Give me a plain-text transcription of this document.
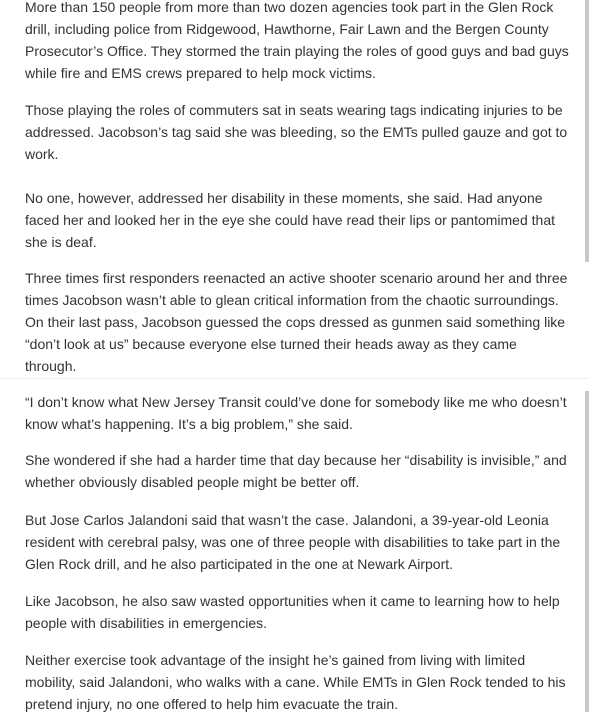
More than 150 people from more than two dozen agencies took part in the Glen Rock drill, including police from Ridgewood, Hawthorne, Fair Lawn and the Bergen County Prosecutor’s Office. They stormed the train playing the roles of good guys and bad guys while fire and EMS crews prepared to help mock victims.

Those playing the roles of commuters sat in seats wearing tags indicating injuries to be addressed. Jacobson’s tag said she was bleeding, so the EMTs pulled gauze and got to work.

No one, however, addressed her disability in these moments, she said. Had anyone faced her and looked her in the eye she could have read their lips or pantomimed that she is deaf.

Three times first responders reenacted an active shooter scenario around her and three times Jacobson wasn’t able to glean critical information from the chaotic surroundings. On their last pass, Jacobson guessed the cops dressed as gunmen said something like “don’t look at us” because everyone else turned their heads away as they came through.

“I don’t know what New Jersey Transit could’ve done for somebody like me who doesn’t know what’s happening. It’s a big problem,” she said.

She wondered if she had a harder time that day because her “disability is invisible,” and whether obviously disabled people might be better off.

But Jose Carlos Jalandoni said that wasn’t the case. Jalandoni, a 39-year-old Leonia resident with cerebral palsy, was one of three people with disabilities to take part in the Glen Rock drill, and he also participated in the one at Newark Airport.

Like Jacobson, he also saw wasted opportunities when it came to learning how to help people with disabilities in emergencies.

Neither exercise took advantage of the insight he’s gained from living with limited mobility, said Jalandoni, who walks with a cane. While EMTs in Glen Rock tended to his pretend injury, no one offered to help him evacuate the train.
